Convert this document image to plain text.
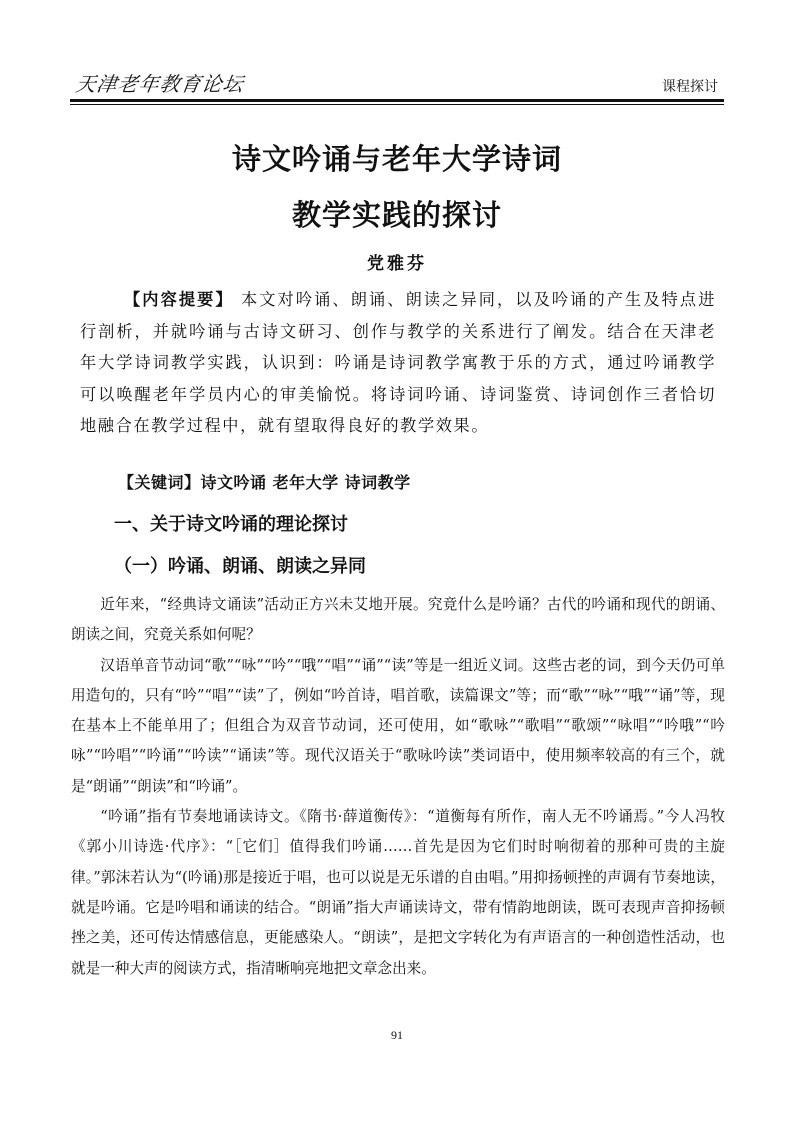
天津老年教育论坛	课程探讨
诗文吟诵与老年大学诗词
教学实践的探讨
党雅芬
【内容提要】 本文对吟诵、朗诵、朗读之异同，以及吟诵的产生及特点进行剖析，并就吟诵与古诗文研习、创作与教学的关系进行了阐发。结合在天津老年大学诗词教学实践，认识到：吟诵是诗词教学寓教于乐的方式，通过吟诵教学可以唤醒老年学员内心的审美愉悦。将诗词吟诵、诗词鉴赏、诗词创作三者恰切地融合在教学过程中，就有望取得良好的教学效果。
【关键词】诗文吟诵 老年大学 诗词教学
一、关于诗文吟诵的理论探讨
（一）吟诵、朗诵、朗读之异同

近年来，“经典诗文诵读”活动正方兴未艾地开展。究竟什么是吟诵？古代的吟诵和现代的朗诵、朗读之间，究竟关系如何呢？

汉语单音节动词“歌”“咏”“吟”“哦”“唱”“诵”“读”等是一组近义词。这些古老的词，到今天仍可单用造句的，只有“吟”“唱”“读”了，例如“吟首诗，唱首歌，读篇课文”等；而“歌”“咏”“哦”“诵”等，现在基本上不能单用了；但组合为双音节动词，还可使用，如“歌咏”“歌唱”“歌颂”“咏唱”“吟哦”“吟咏”“吟唱”“吟诵”“吟读”“诵读”等。现代汉语关于“歌咏吟读”类词语中，使用频率较高的有三个，就是“朗诵”“朗读”和“吟诵”。

“吟诵”指有节奏地诵读诗文。《隋书·薛道衡传》：“道衡每有所作，南人无不吟诵焉。”今人冯牧《郭小川诗选·代序》：“［它们］值得我们吟诵……首先是因为它们时时响彻着的那种可贵的主旋律。”郭沫若认为“(吟诵)那是接近于唱，也可以说是无乐谱的自由唱。”用抑扬顿挫的声调有节奏地读，就是吟诵。它是吟唱和诵读的结合。“朗诵”指大声诵读诗文，带有情韵地朗读，既可表现声音抑扬顿挫之美，还可传达情感信息，更能感染人。“朗读”，是把文字转化为有声语言的一种创造性活动，也就是一种大声的阅读方式，指清晰响亮地把文章念出来。

91
